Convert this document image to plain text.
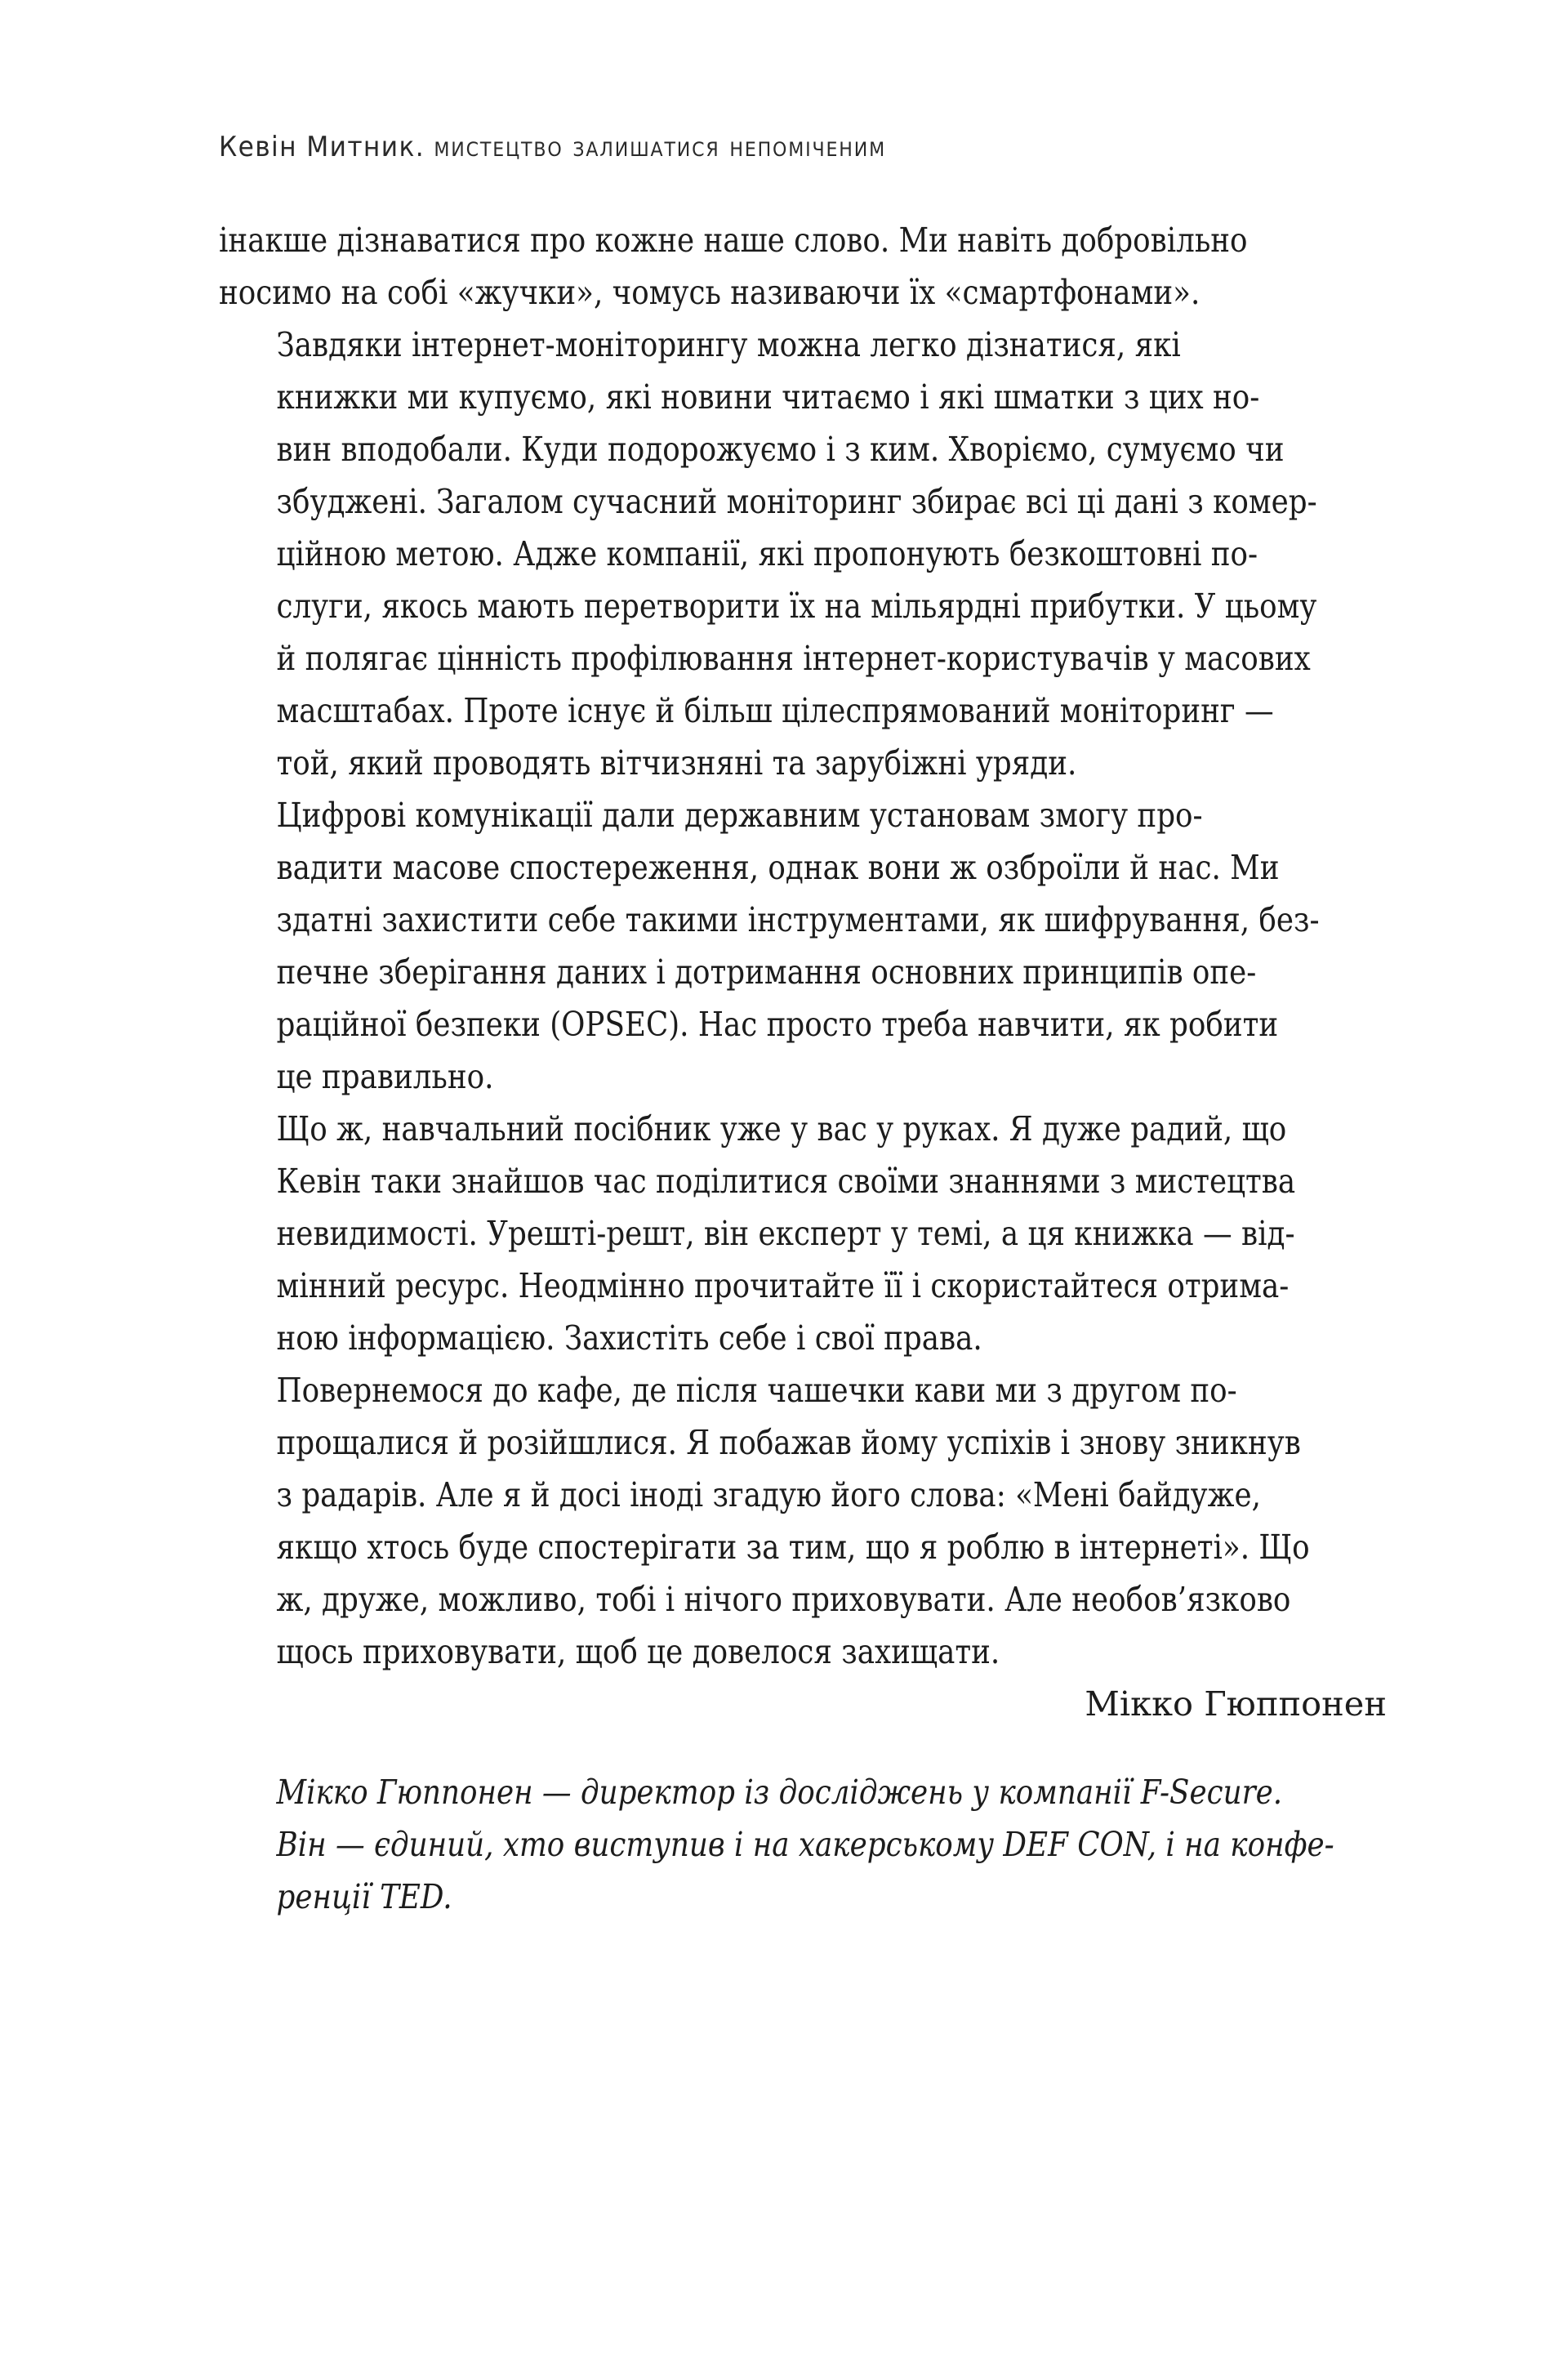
Кевін Митник. мистецтво залишатися непоміченим

інакше дізнаватися про кожне наше слово. Ми навіть добровільно
носимо на собі «жучки», чомусь називаючи їх «смартфонами».

Завдяки інтернет-моніторингу можна легко дізнатися, які
книжки ми купуємо, які новини читаємо і які шматки з цих но-
вин вподобали. Куди подорожуємо і з ким. Хворіємо, сумуємо чи
збуджені. Загалом сучасний моніторинг збирає всі ці дані з комер-
ційною метою. Адже компанії, які пропонують безкоштовні по-
слуги, якось мають перетворити їх на мільярдні прибутки. У цьому
й полягає цінність профілювання інтернет-користувачів у масових
масштабах. Проте існує й більш цілеспрямований моніторинг —
той, який проводять вітчизняні та зарубіжні уряди.

Цифрові комунікації дали державним установам змогу про-
вадити масове спостереження, однак вони ж озброїли й нас. Ми
здатні захистити себе такими інструментами, як шифрування, без-
печне зберігання даних і дотримання основних принципів опе-
раційної безпеки (OPSEC). Нас просто треба навчити, як робити
це правильно.

Що ж, навчальний посібник уже у вас у руках. Я дуже радий, що
Кевін таки знайшов час поділитися своїми знаннями з мистецтва
невидимості. Урешті-решт, він експерт у темі, а ця книжка — від-
мінний ресурс. Неодмінно прочитайте її і скористайтеся отрима-
ною інформацією. Захистіть себе і свої права.

Повернемося до кафе, де після чашечки кави ми з другом по-
прощалися й розійшлися. Я побажав йому успіхів і знову зникнув
з радарів. Але я й досі іноді згадую його слова: «Мені байдуже,
якщо хтось буде спостерігати за тим, що я роблю в інтернеті». Що
ж, друже, можливо, тобі і нічого приховувати. Але необов’язково
щось приховувати, щоб це довелося захищати.

Мікко Гюппонен

Мікко Гюппонен — директор із досліджень у компанії F-Secure.
Він — єдиний, хто виступив і на хакерському DEF CON, і на конфе-
ренції TED.
